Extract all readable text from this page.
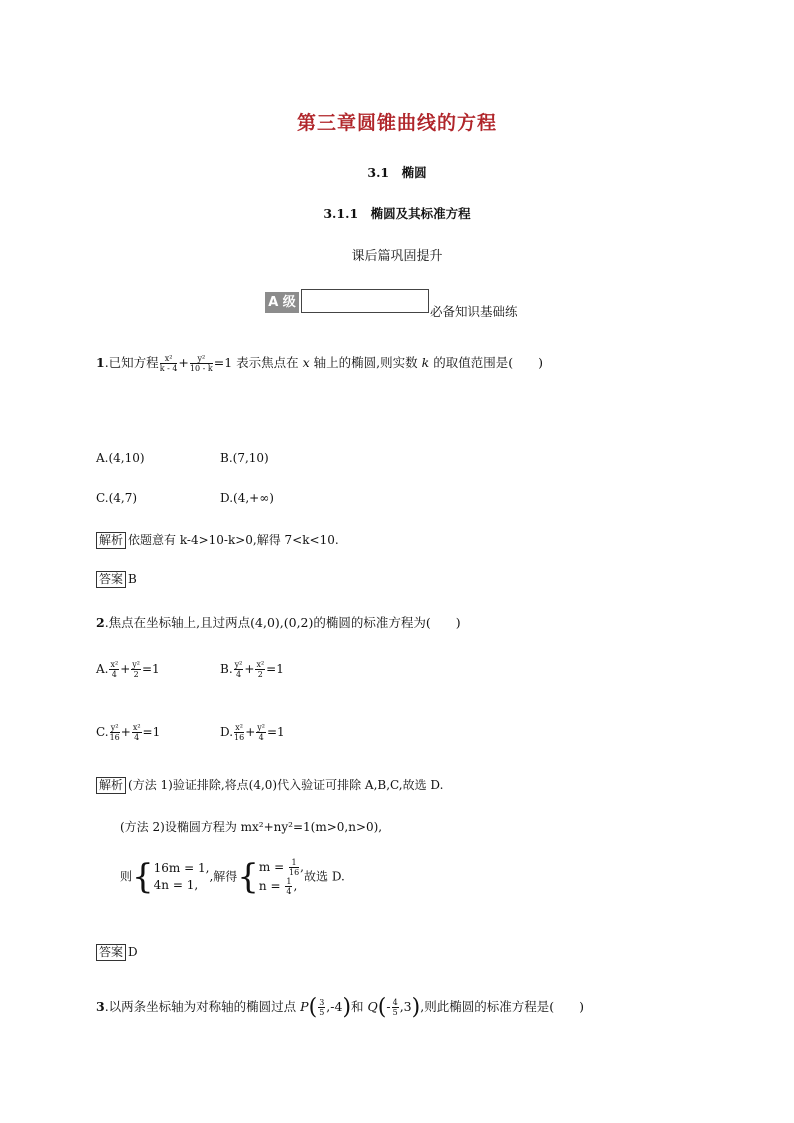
第三章圆锥曲线的方程
3.1　椭圆
3.1.1　椭圆及其标准方程
课后篇巩固提升
A 级
必备知识基础练
1.已知方程 $\frac{\text{x²}}{k - 4} + \frac{\text{y²}}{10 - k} =1$ 表示焦点在 x 轴上的椭圆,则实数 k 的取值范围是(　　)
A.(4,10)	B.(7,10)
C.(4,7)	D.(4,+∞)
解析 依题意有 k-4>10-k>0,解得 7<k<10.
答案 B
2.焦点在坐标轴上,且过两点(4,0),(0,2)的椭圆的标准方程为(　　)
A. $\frac{\text{x²}}{4} + \frac{\text{y²}}{2} =1$	B. $\frac{\text{y²}}{4} + \frac{\text{x²}}{2} =1$
C. $\frac{\text{y²}}{16} + \frac{\text{x²}}{4} =1$	D. $\frac{\text{x²}}{16} + \frac{\text{y²}}{4} =1$
解析 (方法 1)验证排除,将点(4,0)代入验证可排除 A,B,C,故选 D.
(方法 2)设椭圆方程为 mx²+ny²=1(m>0,n>0),
则{ 16m = 1,
4n = 1,
,解得{ $m = \frac{1}{16}$ ,
$n = \frac{1}{4}$ ,
故选 D.
答案 D
3.以两条坐标轴为对称轴的椭圆过点 $P( \frac{3}{5} ,-4)$和 $Q(- \frac{4}{5} ,3)$,则此椭圆的标准方程是(　　)
